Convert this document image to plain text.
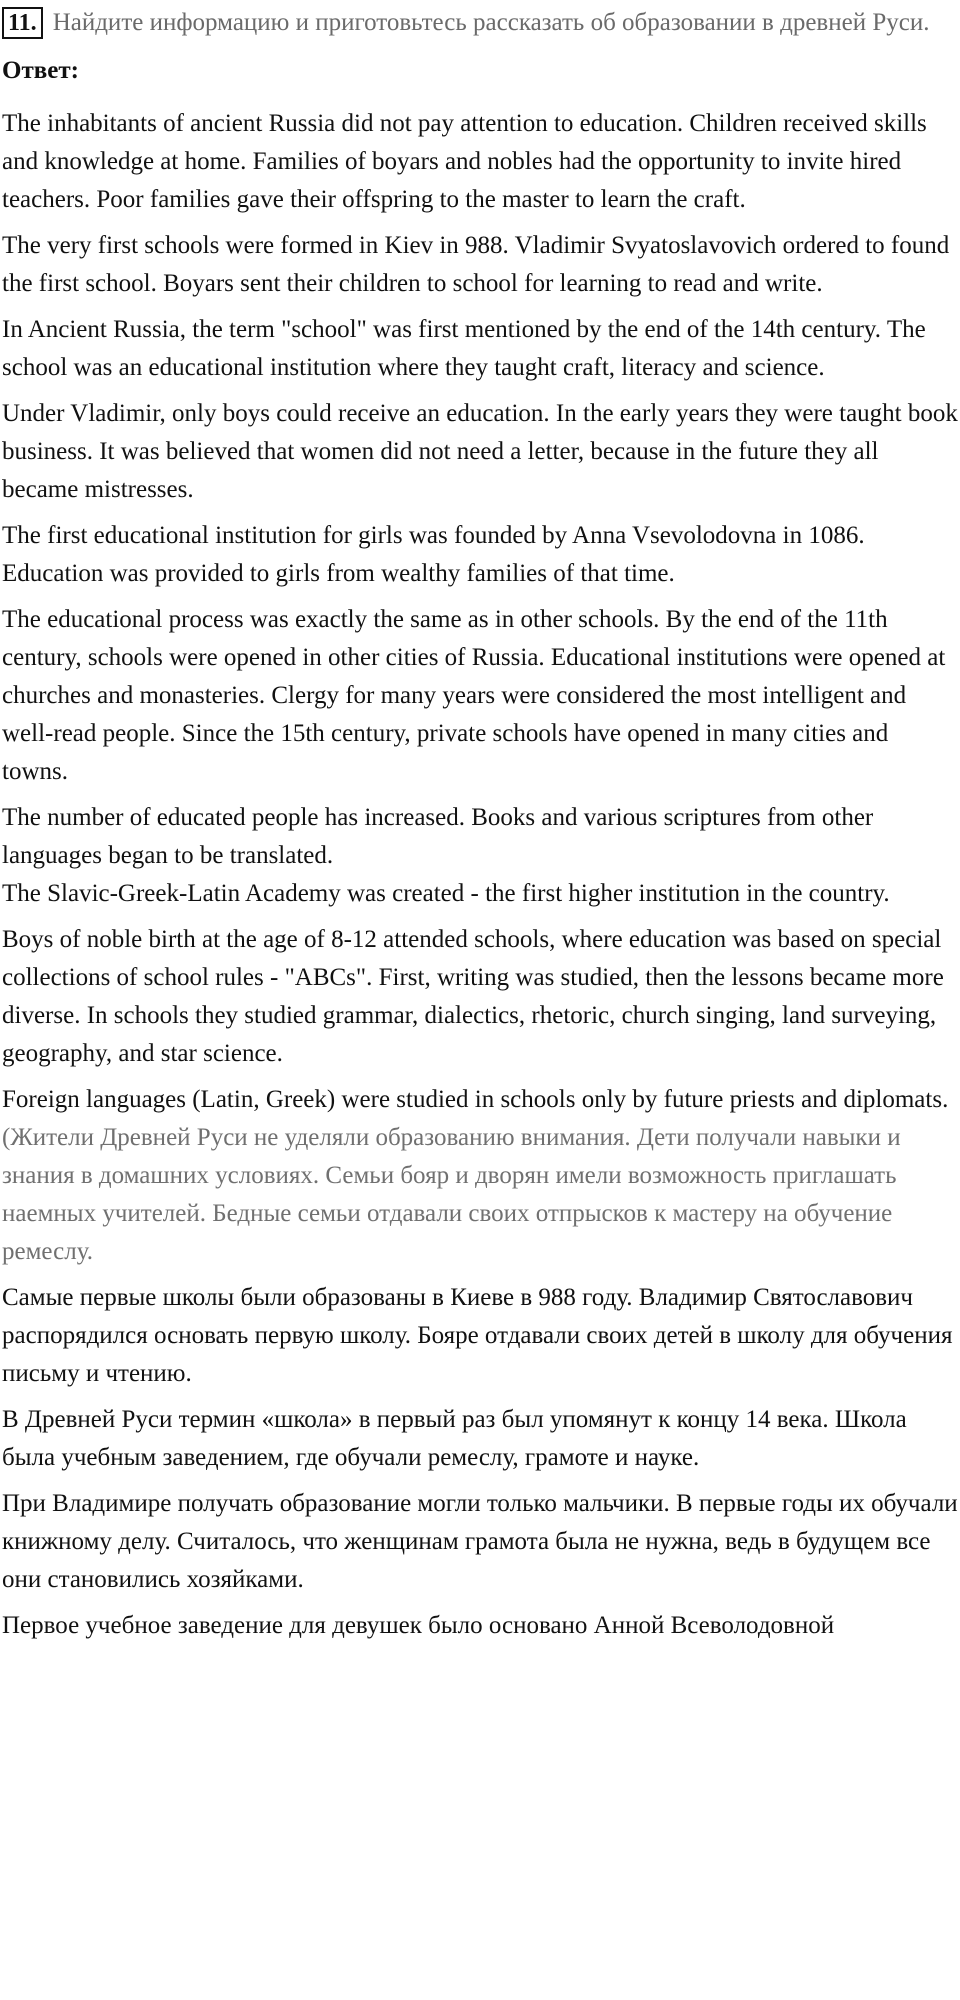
11. Найдите информацию и приготовьтесь рассказать об образовании в древней Руси.

Ответ:

The inhabitants of ancient Russia did not pay attention to education. Children received skills and knowledge at home. Families of boyars and nobles had the opportunity to invite hired teachers. Poor families gave their offspring to the master to learn the craft.

The very first schools were formed in Kiev in 988. Vladimir Svyatoslavovich ordered to found the first school. Boyars sent their children to school for learning to read and write.

In Ancient Russia, the term "school" was first mentioned by the end of the 14th century. The school was an educational institution where they taught craft, literacy and science.

Under Vladimir, only boys could receive an education. In the early years they were taught book business. It was believed that women did not need a letter, because in the future they all became mistresses.

The first educational institution for girls was founded by Anna Vsevolodovna in 1086. Education was provided to girls from wealthy families of that time.

The educational process was exactly the same as in other schools. By the end of the 11th century, schools were opened in other cities of Russia. Educational institutions were opened at churches and monasteries. Clergy for many years were considered the most intelligent and well-read people. Since the 15th century, private schools have opened in many cities and towns.

The number of educated people has increased. Books and various scriptures from other languages began to be translated.

The Slavic-Greek-Latin Academy was created - the first higher institution in the country.

Boys of noble birth at the age of 8-12 attended schools, where education was based on special collections of school rules - "ABCs". First, writing was studied, then the lessons became more diverse. In schools they studied grammar, dialectics, rhetoric, church singing, land surveying, geography, and star science.

Foreign languages (Latin, Greek) were studied in schools only by future priests and diplomats. (Жители Древней Руси не уделяли образованию внимания. Дети получали навыки и знания в домашних условиях. Семьи бояр и дворян имели возможность приглашать наемных учителей. Бедные семьи отдавали своих отпрысков к мастеру на обучение ремеслу.

Самые первые школы были образованы в Киеве в 988 году. Владимир Святославович распорядился основать первую школу. Бояре отдавали своих детей в школу для обучения письму и чтению.

В Древней Руси термин «школа» в первый раз был упомянут к концу 14 века. Школа была учебным заведением, где обучали ремеслу, грамоте и науке.

При Владимире получать образование могли только мальчики. В первые годы их обучали книжному делу. Считалось, что женщинам грамота была не нужна, ведь в будущем все они становились хозяйками.

Первое учебное заведение для девушек было основано Анной Всеволодовной
